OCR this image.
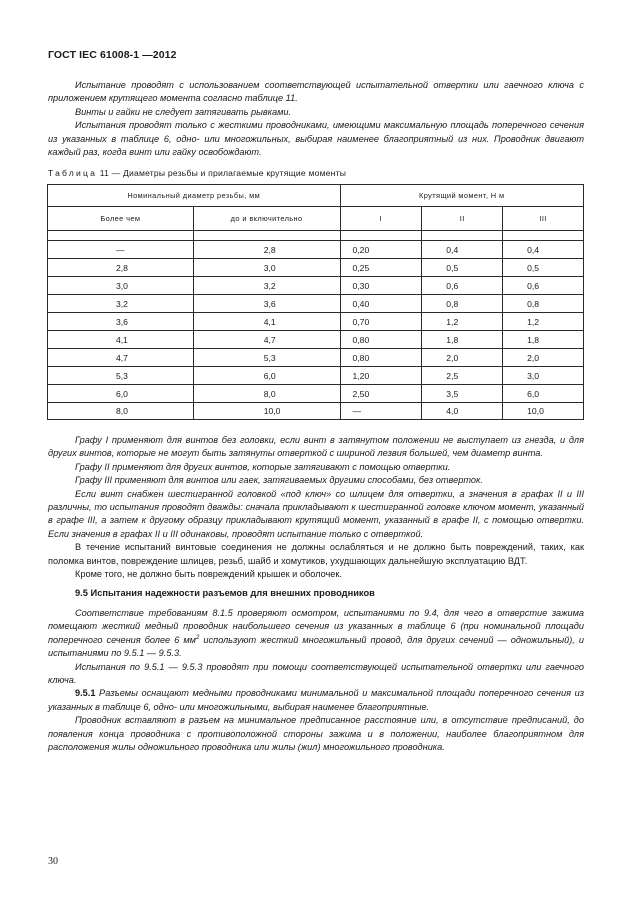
ГОСТ IEC 61008-1 —2012

Испытание проводят с использованием соответствующей испытательной отвертки или гаечного ключа с приложением крутящего момента согласно таблице 11.

Винты и гайки не следует затягивать рывками.

Испытания проводят только с жесткими проводниками, имеющими максимальную площадь поперечного сечения из указанных в таблице 6, одно- или многожильных, выбирая наименее благоприятный из них. Проводник двигают каждый раз, когда винт или гайку освобождают.

Таблица 11 — Диаметры резьбы и прилагаемые крутящие моменты
Номинальный диаметр резьбы, мм		Крутящий момент, Н м		
Более чем	до и включительно	I	II	III

—	2,8	0,20	0,4	0,4
2,8	3,0	0,25	0,5	0,5
3,0	3,2	0,30	0,6	0,6
3,2	3,6	0,40	0,8	0,8
3,6	4,1	0,70	1,2	1,2
4,1	4,7	0,80	1,8	1,8
4,7	5,3	0,80	2,0	2,0
5,3	6,0	1,20	2,5	3,0
6,0	8,0	2,50	3,5	6,0
8,0	10,0	—	4,0	10,0

Графу I применяют для винтов без головки, если винт в затянутом положении не выступает из гнезда, и для других винтов, которые не могут быть затянуты отверткой с шириной лезвия большей, чем диаметр винта.

Графу II применяют для других винтов, которые затягивают с помощью отвертки.

Графу III применяют для винтов или гаек, затягиваемых другими способами, без отверток.

Если винт снабжен шестигранной головкой «под ключ» со шлицем для отвертки, а значения в графах II и III различны, то испытания проводят дважды: сначала прикладывают к шестигранной головке ключом момент, указанный в графе III, а затем к другому образцу прикладывают крутящий момент, указанный в графе II, с помощью отвертки. Если значения в графах II и III одинаковы, проводят испытание только с отверткой.

В течение испытаний винтовые соединения не должны ослабляться и не должно быть повреждений, таких, как поломка винтов, повреждение шлицев, резьб, шайб и хомутиков, ухудшающих дальнейшую эксплуатацию ВДТ.

Кроме того, не должно быть повреждений крышек и оболочек.

9.5 Испытания надежности разъемов для внешних проводников

Соответствие требованиям 8.1.5 проверяют осмотром, испытаниями по 9.4, для чего в отверстие зажима помещают жесткий медный проводник наибольшего сечения из указанных в таблице 6 (при номинальной площади поперечного сечения более 6 $мм^2$ используют жесткий многожильный провод, для других сечений — одножильный), и испытаниями по 9.5.1 — 9.5.3.

Испытания по 9.5.1 — 9.5.3 проводят при помощи соответствующей испытательной отвертки или гаечного ключа.

9.5.1 Разъемы оснащают медными проводниками минимальной и максимальной площади поперечного сечения из указанных в таблице 6, одно- или многожильными, выбирая наименее благоприятные.

Проводник вставляют в разъем на минимальное предписанное расстояние или, в отсутствие предписаний, до появления конца проводника с противоположной стороны зажима и в положении, наиболее благоприятном для расположения жилы одножильного проводника или жилы (жил) многожильного проводника.

30
